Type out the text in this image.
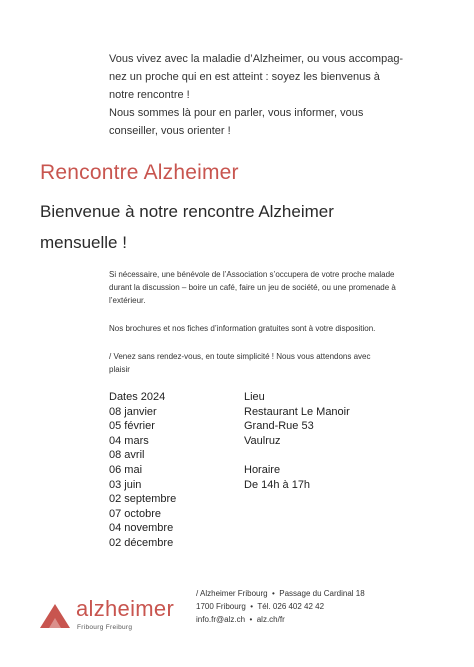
Vous vivez avec la maladie d’Alzheimer, ou vous accompag-
nez un proche qui en est atteint : soyez les bienvenus à
notre rencontre !
Nous sommes là pour en parler, vous informer, vous
conseiller, vous orienter !
Rencontre Alzheimer
Bienvenue à notre rencontre Alzheimer
mensuelle !
Si nécessaire, une bénévole de l’Association s’occupera de votre proche malade
durant la discussion – boire un café, faire un jeu de société, ou une promenade à
l’extérieur.
Nos brochures et nos fiches d’information gratuites sont à votre disposition.
/ Venez sans rendez-vous, en toute simplicité ! Nous vous attendons avec
plaisir
Dates 2024
08 janvier
05 février
04 mars
08 avril
06 mai
03 juin
02 septembre
07 octobre
04 novembre
02 décembre
Lieu
Restaurant Le Manoir
Grand-Rue 53
Vaulruz
Horaire
De 14h à 17h
alzheimer
Fribourg Freiburg
/ Alzheimer Fribourg  •  Passage du Cardinal 18
1700 Fribourg  •  Tél. 026 402 42 42
info.fr@alz.ch  •  alz.ch/fr
